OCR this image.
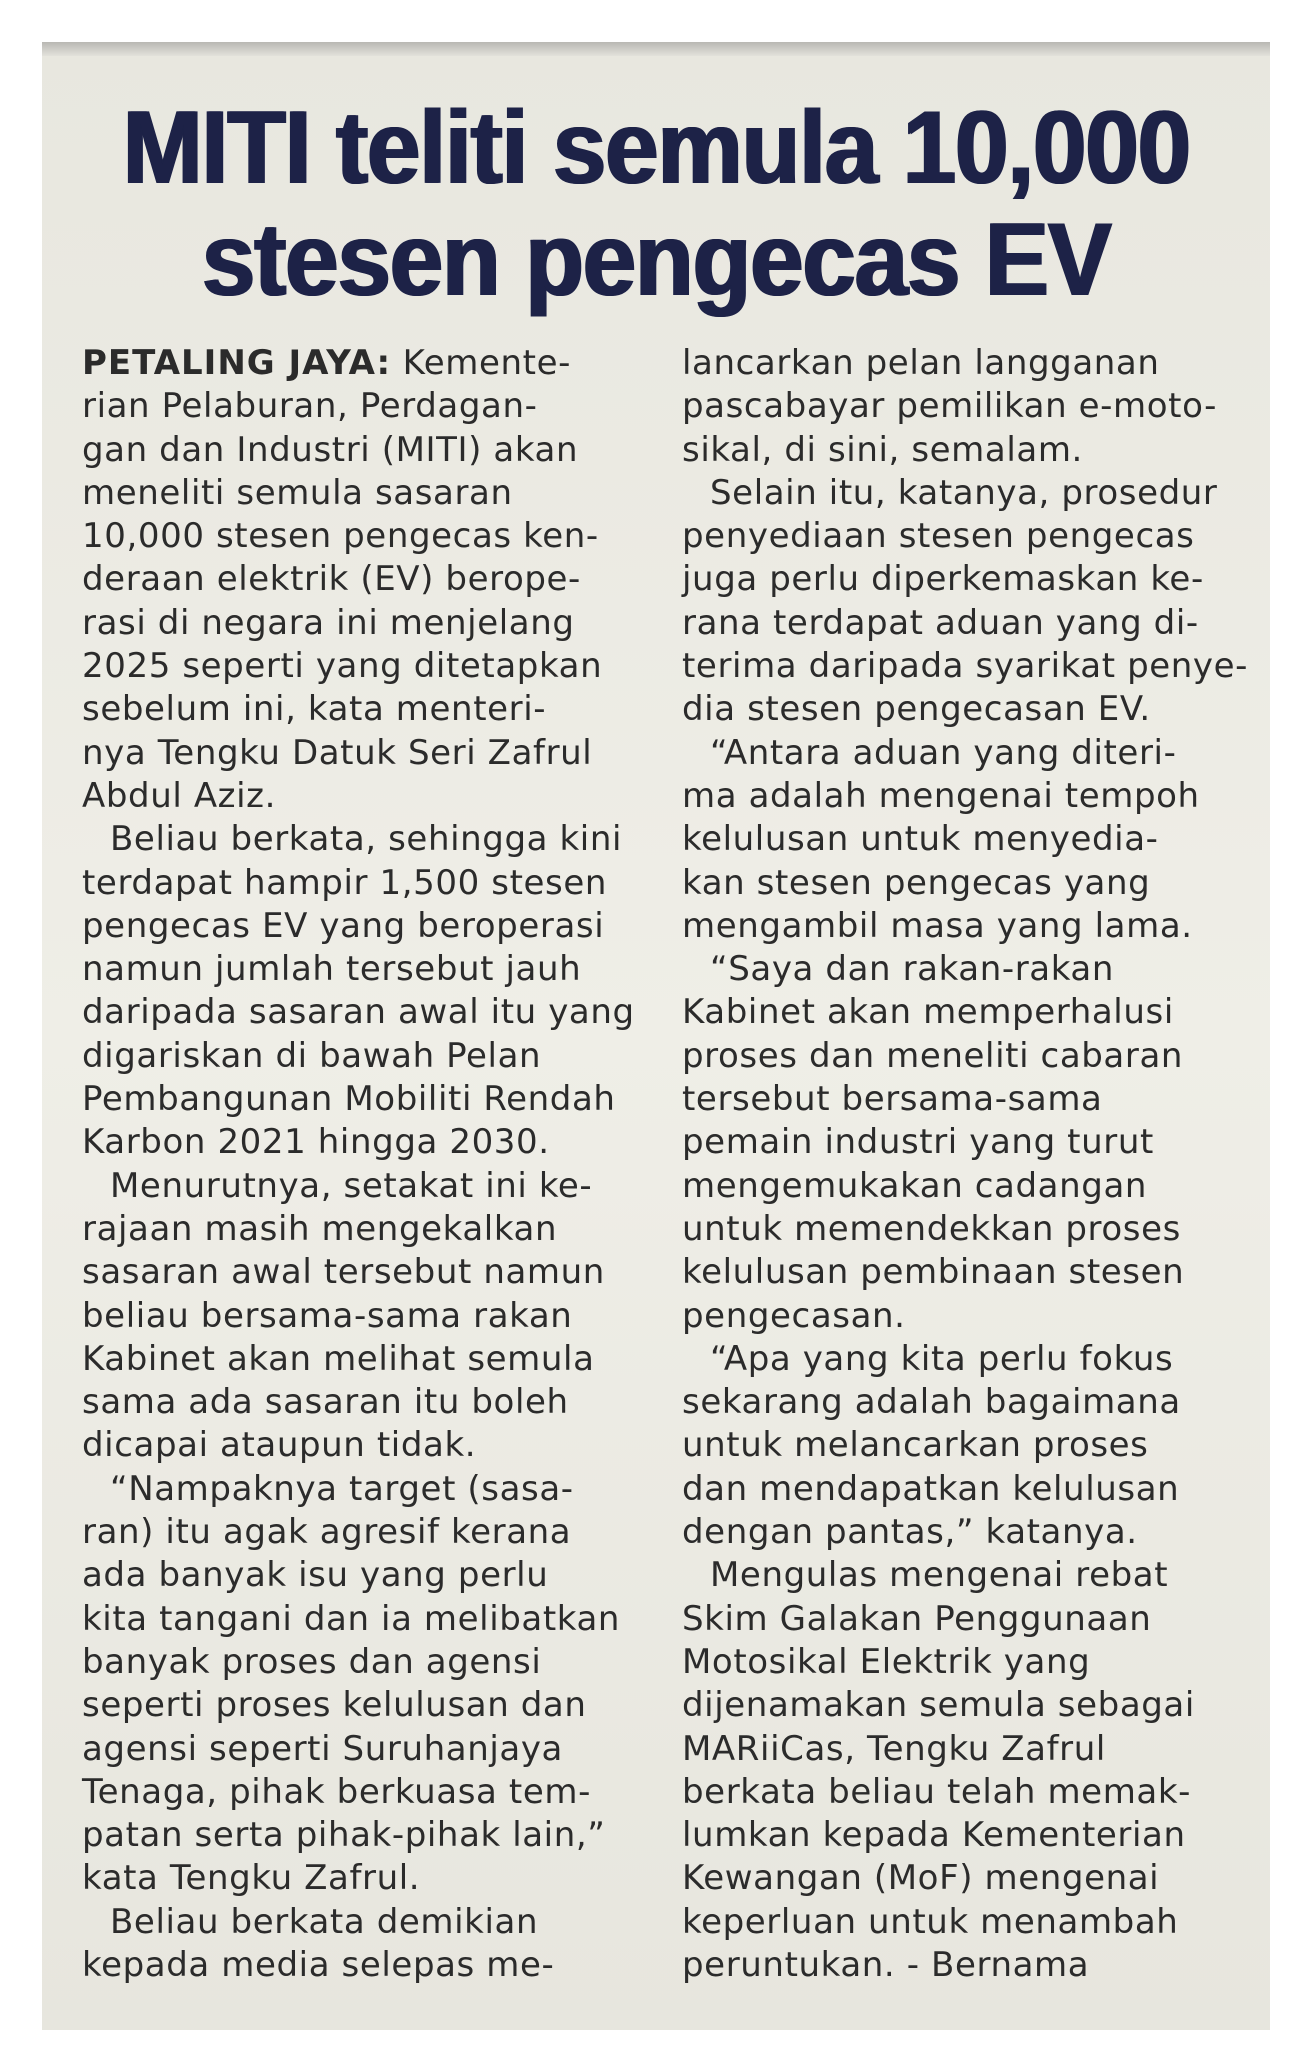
MITI teliti semula 10,000
stesen pengecas EV

PETALING JAYA: Kemente-
rian Pelaburan, Perdagan-
gan dan Industri (MITI) akan
meneliti semula sasaran
10,000 stesen pengecas ken-
deraan elektrik (EV) berope-
rasi di negara ini menjelang
2025 seperti yang ditetapkan
sebelum ini, kata menteri-
nya Tengku Datuk Seri Zafrul
Abdul Aziz.

Beliau berkata, sehingga kini
terdapat hampir 1,500 stesen
pengecas EV yang beroperasi
namun jumlah tersebut jauh
daripada sasaran awal itu yang
digariskan di bawah Pelan
Pembangunan Mobiliti Rendah
Karbon 2021 hingga 2030.

Menurutnya, setakat ini ke-
rajaan masih mengekalkan
sasaran awal tersebut namun
beliau bersama-sama rakan
Kabinet akan melihat semula
sama ada sasaran itu boleh
dicapai ataupun tidak.

“Nampaknya target (sasa-
ran) itu agak agresif kerana
ada banyak isu yang perlu
kita tangani dan ia melibatkan
banyak proses dan agensi
seperti proses kelulusan dan
agensi seperti Suruhanjaya
Tenaga, pihak berkuasa tem-
patan serta pihak-pihak lain,”
kata Tengku Zafrul.

Beliau berkata demikian
kepada media selepas me-

lancarkan pelan langganan
pascabayar pemilikan e-moto-
sikal, di sini, semalam.

Selain itu, katanya, prosedur
penyediaan stesen pengecas
juga perlu diperkemaskan ke-
rana terdapat aduan yang di-
terima daripada syarikat penye-
dia stesen pengecasan EV.

“Antara aduan yang diteri-
ma adalah mengenai tempoh
kelulusan untuk menyedia-
kan stesen pengecas yang
mengambil masa yang lama.

“Saya dan rakan-rakan
Kabinet akan memperhalusi
proses dan meneliti cabaran
tersebut bersama-sama
pemain industri yang turut
mengemukakan cadangan
untuk memendekkan proses
kelulusan pembinaan stesen
pengecasan.

“Apa yang kita perlu fokus
sekarang adalah bagaimana
untuk melancarkan proses
dan mendapatkan kelulusan
dengan pantas,” katanya.

Mengulas mengenai rebat
Skim Galakan Penggunaan
Motosikal Elektrik yang
dijenamakan semula sebagai
MARiiCas, Tengku Zafrul
berkata beliau telah memak-
lumkan kepada Kementerian
Kewangan (MoF) mengenai
keperluan untuk menambah
peruntukan. - Bernama
